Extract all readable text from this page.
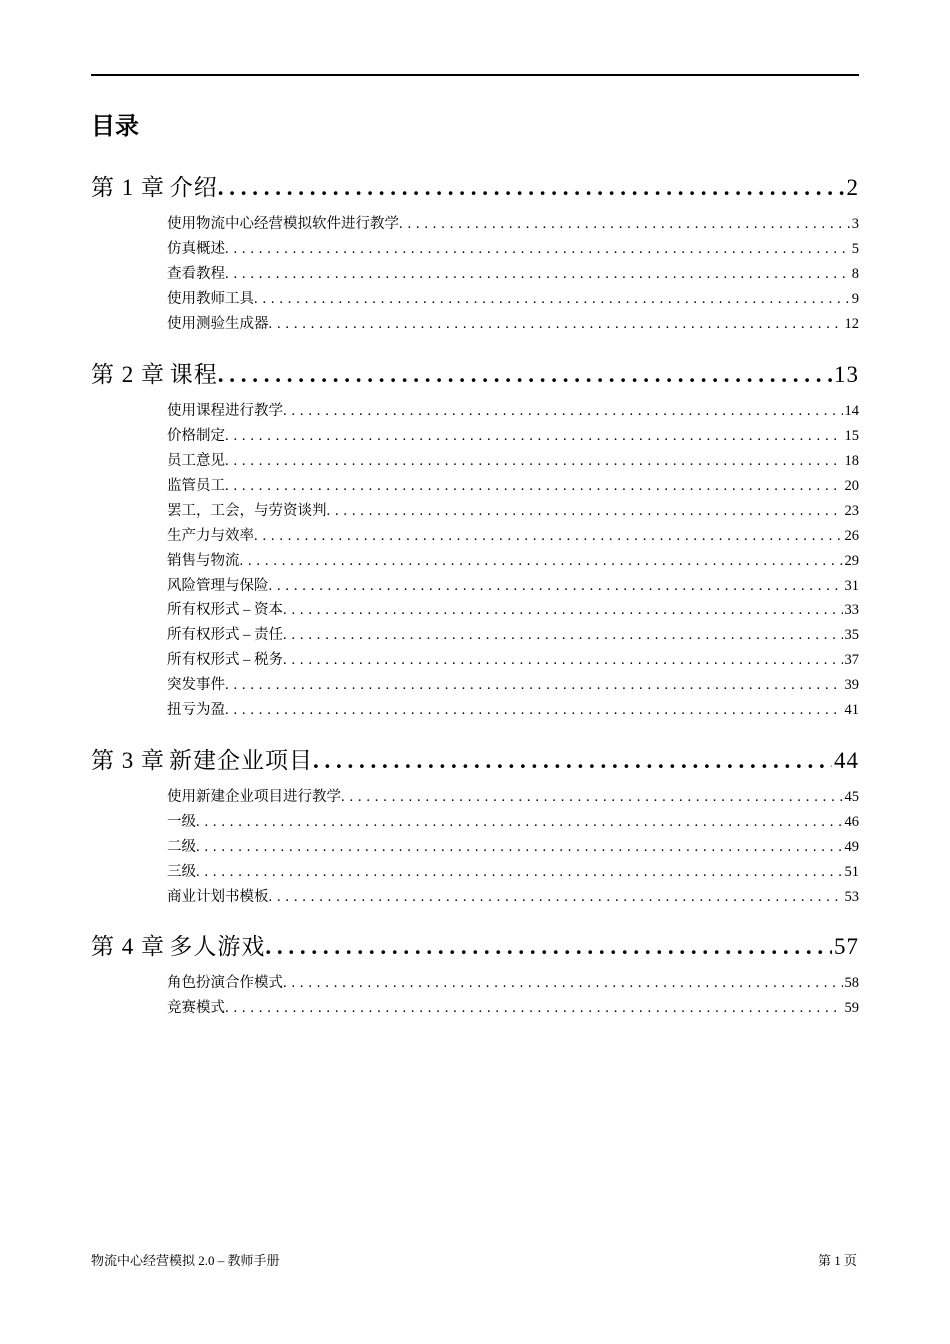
目录
第 1 章 介绍 . . .	2
使用物流中心经营模拟软件进行教学 . . .	3
仿真概述 . . .	5
查看教程 . . .	8
使用教师工具 . . .	9
使用测验生成器 . . .	12
第 2 章 课程 . . .	13
使用课程进行教学 . . .	14
价格制定 . . .	15
员工意见 . . .	18
监管员工 . . .	20
罢工，工会，与劳资谈判 . . .	23
生产力与效率 . . .	26
销售与物流 . . .	29
风险管理与保险 . . .	31
所有权形式 – 资本 . . .	33
所有权形式 – 责任 . . .	35
所有权形式 – 税务 . . .	37
突发事件 . . .	39
扭亏为盈 . . .	41
第 3 章 新建企业项目 . . .	44
使用新建企业项目进行教学 . . .	45
一级 . . .	46
二级 . . .	49
三级 . . .	51
商业计划书模板 . . .	53
第 4 章 多人游戏 . . .	57
角色扮演合作模式 . . .	58
竞赛模式 . . .	59
物流中心经营模拟 2.0 – 教师手册	第 1 页
